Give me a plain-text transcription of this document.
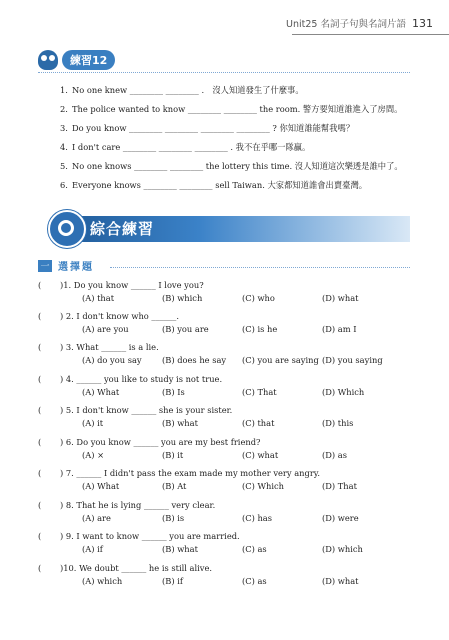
Unit25 名詞子句與名詞片語 131
練習12
1. No one knew ________ ________ .　沒人知道發生了什麼事。
2. The police wanted to know ________ ________ the room. 警方要知道誰進入了房間。
3. Do you know ________ ________ ________ ________ ? 你知道誰能幫我嗎？
4. I don't care ________ ________ ________ . 我不在乎哪一隊贏。
5. No one knows ________ ________ the lottery this time. 沒人知道這次樂透是誰中了。
6. Everyone knows ________ ________ sell Taiwan. 大家都知道誰會出賣臺灣。
綜合練習
一 選擇題
(	)1. Do you know ______ I love you?
(A) that	(B) which	(C) who	(D) what
(	) 2. I don't know who ______.
(A) are you	(B) you are	(C) is he	(D) am I
(	) 3. What ______ is a lie.
(A) do you say	(B) does he say	(C) you are saying (D) you saying
(	) 4. ______ you like to study is not true.
(A) What	(B) Is	(C) That	(D) Which
(	) 5. I don't know ______ she is your sister.
(A) it	(B) what	(C) that	(D) this
(	) 6. Do you know ______ you are my best friend?
(A) ×	(B) it	(C) what	(D) as
(	) 7. ______ I didn't pass the exam made my mother very angry.
(A) What	(B) At	(C) Which	(D) That
(	) 8. That he is lying ______ very clear.
(A) are	(B) is	(C) has	(D) were
(	) 9. I want to know ______ you are married.
(A) if	(B) what	(C) as	(D) which
(	)10. We doubt ______ he is still alive.
(A) which	(B) if	(C) as	(D) what
